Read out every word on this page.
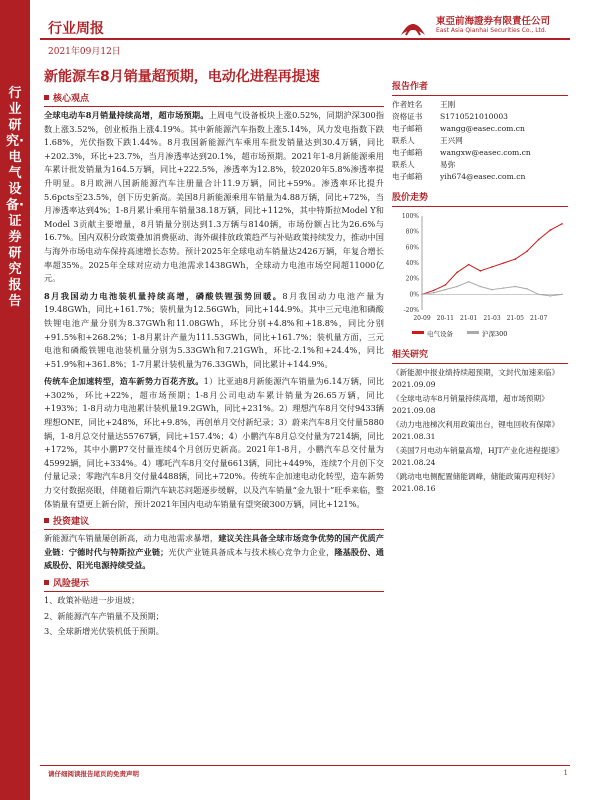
行业研究·电气设备·证券研究报告
行业周报
2021年09月12日
東亞前海證券有限責任公司
East Asia Qianhai Securities Co., Ltd.
新能源车8月销量超预期，电动化进程再提速
核心观点

全球电动车8月销量持续高增，超市场预期。上周电气设备板块上涨0.52%，同期沪深300指数上涨3.52%，创业板指上涨4.19%。其中新能源汽车指数上涨5.14%，风力发电指数下跌1.68%，光伏指数下跌1.44%。8月我国新能源汽车乘用车批发销量达到30.4万辆，同比+202.3%，环比+23.7%，当月渗透率达到20.1%，超市场预期。2021年1-8月新能源乘用车累计批发销量为164.5万辆，同比+222.5%，渗透率为12.8%，较2020年5.8%渗透率提升明显。8月欧洲八国新能源汽车注册量合计11.9万辆，同比+59%。渗透率环比提升5.6pcts至23.5%，创下历史新高。美国8月新能源乘用车销量为4.88万辆，同比+72%，当月渗透率达到4%；1-8月累计乘用车销量38.18万辆，同比+112%，其中特斯拉Model Y和Model 3贡献主要增量，8月销量分别达到1.3万辆与8140辆，市场份额占比为26.6%与16.7%。国内双积分政策叠加消费驱动、海外碳排放政策趋严与补贴政策持续发力，推动中国与海外市场电动车保持高速增长态势。预计2025年全球电动车销量达2426万辆，年复合增长率超35%。2025年全球对应动力电池需求1438GWh，全球动力电池市场空间超11000亿元。

8月我国动力电池装机量持续高增，磷酸铁锂强势回暖。8月我国动力电池产量为19.48GWh，同比+161.7%；装机量为12.56GWh，同比+144.9%。其中三元电池和磷酸铁锂电池产量分别为8.37GWh和11.08GWh，环比分别+4.8%和+18.8%，同比分别+91.5%和+268.2%；1-8月累计产量为111.53GWh，同比+161.7%；装机量方面，三元电池和磷酸铁锂电池装机量分别为5.33GWh和7.21GWh，环比-2.1%和+24.4%，同比+51.9%和+361.8%；1-7月累计装机量为76.33GWh，同比累计+144.9%。

传统车企加速转型，造车新势力百花齐放。1）比亚迪8月新能源汽车销量为6.14万辆，同比+302%，环比+22%，超市场预期；1-8月公司电动车累计销量为26.65万辆，同比+193%；1-8月动力电池累计装机量19.2GWh，同比+231%。2）理想汽车8月交付9433辆理想ONE，同比+248%，环比+9.8%，再创单月交付新纪录；3）蔚来汽车8月交付量5880辆，1-8月总交付量达55767辆，同比+157.4%；4）小鹏汽车8月总交付量为7214辆，同比+172%，其中小鹏P7交付量连续4个月创历史新高。2021年1-8月，小鹏汽车总交付量为45992辆，同比+334%。4）哪吒汽车8月交付量6613辆，同比+449%，连续7个月创下交付量记录；零跑汽车8月交付量4488辆，同比+720%。传统车企加速电动化转型，造车新势力交付数据亮眼，伴随着后期汽车缺芯问题逐步缓解，以及汽车销量“金九银十”旺季来临，整体销量有望更上新台阶，预计2021年国内电动车销量有望突破300万辆，同比+121%。

投资建议

新能源汽车销量屡创新高，动力电池需求暴增，建议关注具备全球市场竞争优势的国产优质产业链：宁德时代与特斯拉产业链；光伏产业链具备成本与技术核心竞争力企业，隆基股份、通威股份、阳光电源持续受益。

风险提示
1、政策补贴进一步退坡；
2、新能源汽车产销量不及预期；
3、全球新增光伏装机低于预期。
报告作者
作者姓名	王刚
资格证书	S1710521010003
电子邮箱	wangg@easec.com.cn
联系人	王兴网
电子邮箱	wangxw@easec.com.cn
联系人	易弥
电子邮箱	yih674@easec.com.cn
股价走势
100%
80%
60%
40%
20%
0%
-20%
20-09 20-11 21-01 21-03 21-05 21-07
电气设备	沪深300
相关研究
《新能源中报业绩持续超预期，文封代加速来临》
2021.09.09
《全球电动车8月销量持续高增，超市场预期》
2021.09.08
《动力电池梯次利用政策出台，锂电回收有保障》
2021.08.31
《美国7月电动车销量高增，HJT产业化进程提速》
2021.08.24
《跳动电电侧配置储能调峰，储能政策再迎利好》
2021.08.16
请仔细阅读报告尾页的免责声明	1
